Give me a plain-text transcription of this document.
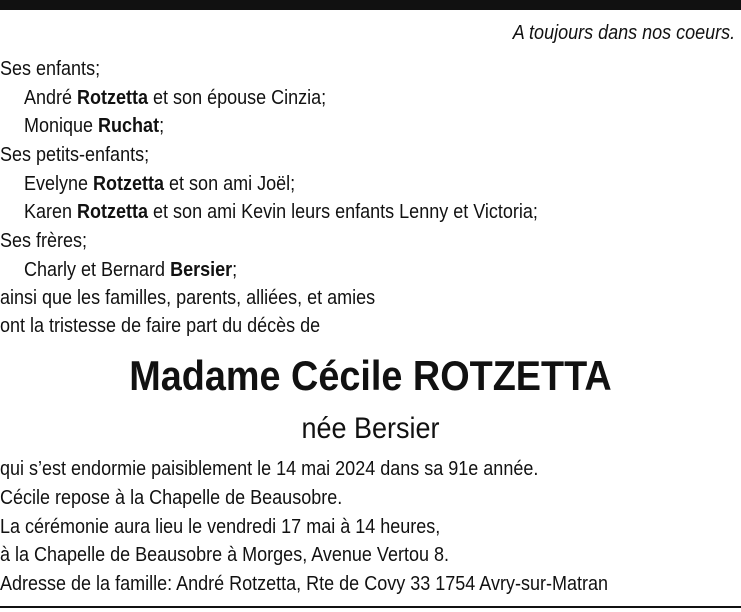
A toujours dans nos coeurs.
Ses enfants;
André Rotzetta et son épouse Cinzia;
Monique Ruchat;
Ses petits-enfants;
Evelyne Rotzetta et son ami Joël;
Karen Rotzetta et son ami Kevin leurs enfants Lenny et Victoria;
Ses frères;
Charly et Bernard Bersier;
ainsi que les familles, parents, alliées, et amies
ont la tristesse de faire part du décès de
Madame Cécile ROTZETTA
née Bersier
qui s’est endormie paisiblement le 14 mai 2024 dans sa 91e année.
Cécile repose à la Chapelle de Beausobre.
La cérémonie aura lieu le vendredi 17 mai à 14 heures,
à la Chapelle de Beausobre à Morges, Avenue Vertou 8.
Adresse de la famille: André Rotzetta, Rte de Covy 33 1754 Avry-sur-Matran
